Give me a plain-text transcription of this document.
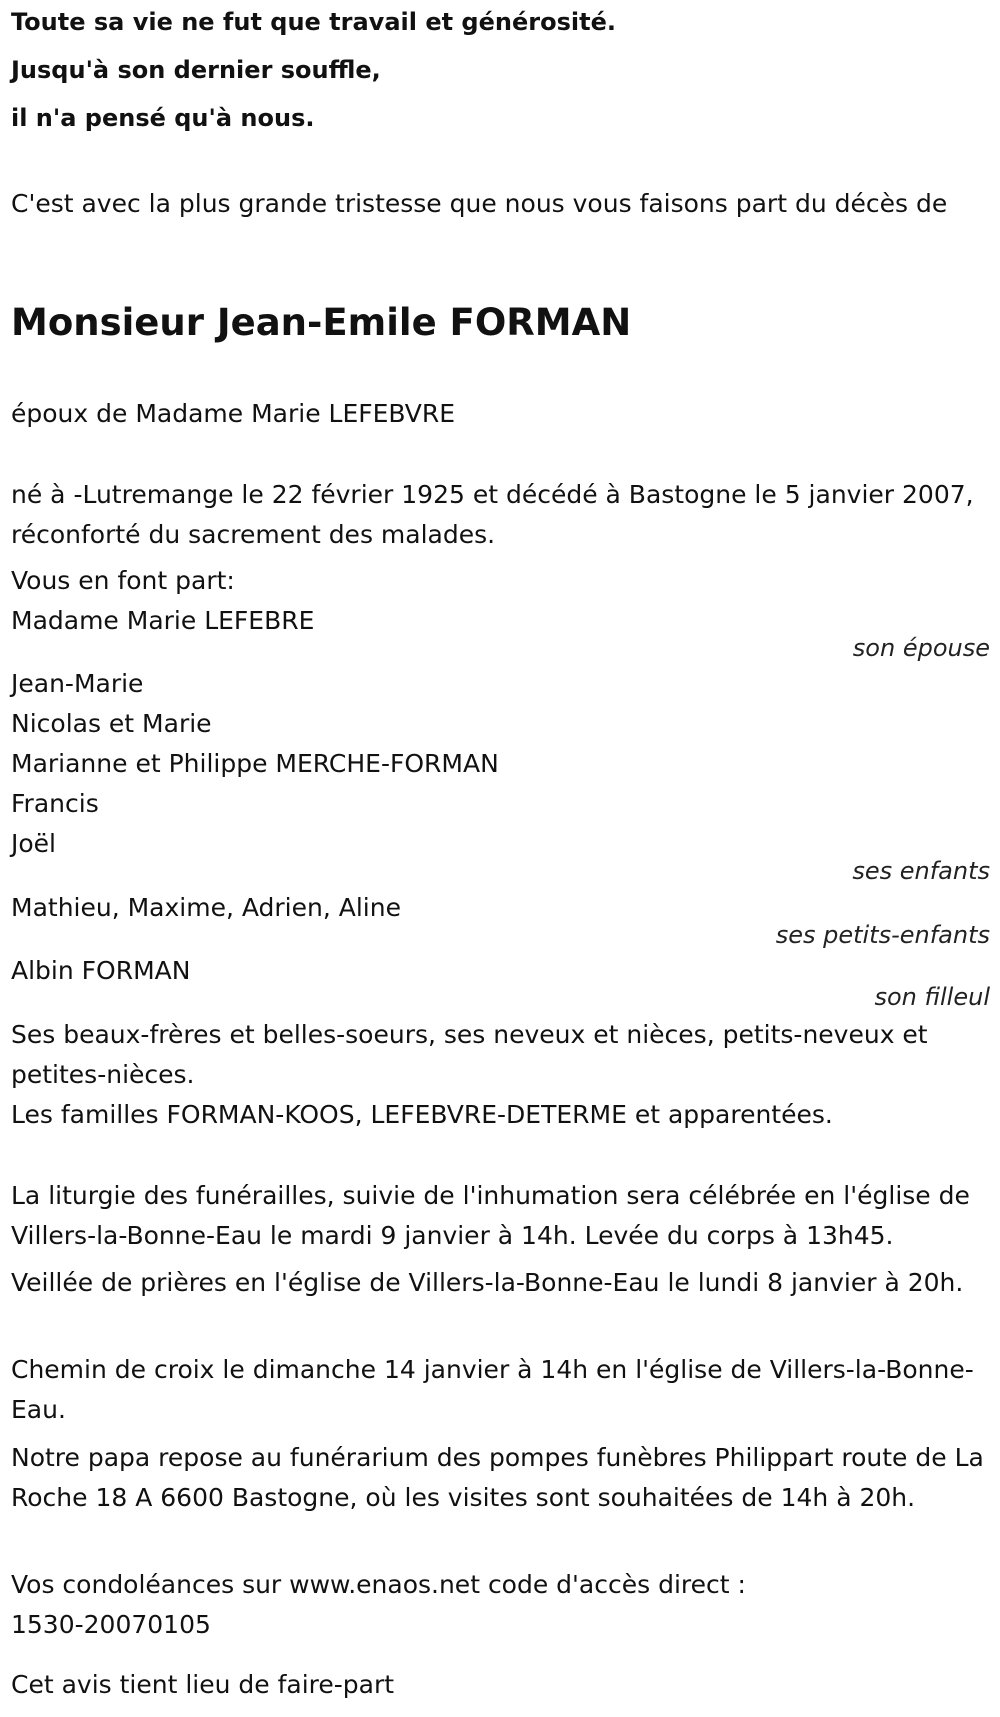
Toute sa vie ne fut que travail et générosité.

Jusqu'à son dernier souffle,

il n'a pensé qu'à nous.

C'est avec la plus grande tristesse que nous vous faisons part du décès de

Monsieur Jean-Emile FORMAN

époux de Madame Marie LEFEBVRE

né à -Lutremange le 22 février 1925 et décédé à Bastogne le 5 janvier 2007, réconforté du sacrement des malades.

Vous en font part:

Madame Marie LEFEBRE

son épouse

Jean-Marie

Nicolas et Marie

Marianne et Philippe MERCHE-FORMAN

Francis

Joël

ses enfants

Mathieu, Maxime, Adrien, Aline

ses petits-enfants

Albin FORMAN

son filleul

Ses beaux-frères et belles-soeurs, ses neveux et nièces, petits-neveux et petites-nièces.

Les familles FORMAN-KOOS, LEFEBVRE-DETERME et apparentées.

La liturgie des funérailles, suivie de l'inhumation sera célébrée en l'église de Villers-la-Bonne-Eau le mardi 9 janvier à 14h. Levée du corps à 13h45.

Veillée de prières en l'église de Villers-la-Bonne-Eau le lundi 8 janvier à 20h.

Chemin de croix le dimanche 14 janvier à 14h en l'église de Villers-la-Bonne-Eau.

Notre papa repose au funérarium des pompes funèbres Philippart route de La Roche 18 A 6600 Bastogne, où les visites sont souhaitées de 14h à 20h.

Vos condoléances sur www.enaos.net code d'accès direct :

1530-20070105

Cet avis tient lieu de faire-part
